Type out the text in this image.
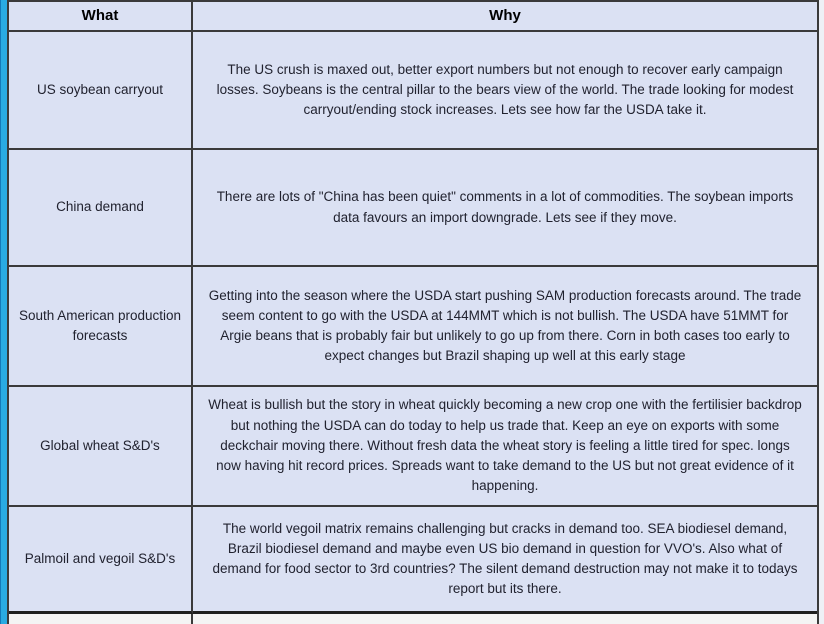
What	Why
US soybean carryout
The US crush is maxed out, better export numbers but not enough to recover early campaign losses. Soybeans is the central pillar to the bears view of the world. The trade looking for modest carryout/ending stock increases. Lets see how far the USDA take it.
China demand
There are lots of "China has been quiet" comments in a lot of commodities. The soybean imports data favours an import downgrade. Lets see if they move.
South American production forecasts
Getting into the season where the USDA start pushing SAM production forecasts around. The trade seem content to go with the USDA at 144MMT which is not bullish. The USDA have 51MMT for Argie beans that is probably fair but unlikely to go up from there. Corn in both cases too early to expect changes but Brazil shaping up well at this early stage
Global wheat S&D's
Wheat is bullish but the story in wheat quickly becoming a new crop one with the fertilisier backdrop but nothing the USDA can do today to help us trade that. Keep an eye on exports with some deckchair moving there. Without fresh data the wheat story is feeling a little tired for spec. longs now having hit record prices. Spreads want to take demand to the US but not great evidence of it happening.
Palmoil and vegoil S&D's
The world vegoil matrix remains challenging but cracks in demand too. SEA biodiesel demand, Brazil biodiesel demand and maybe even US bio demand in question for VVO's. Also what of demand for food sector to 3rd countries? The silent demand destruction may not make it to todays report but its there.
